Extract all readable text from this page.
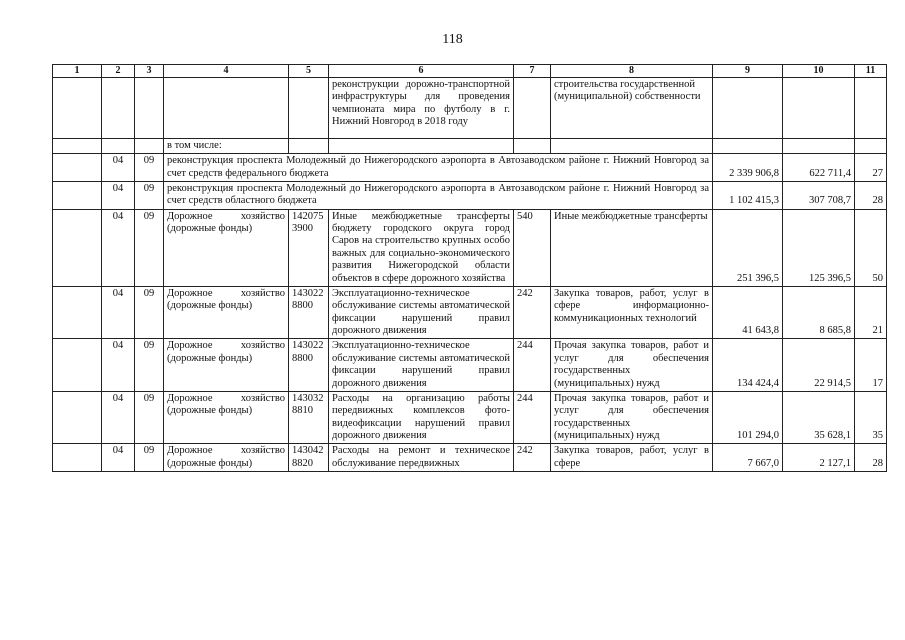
118
1	2	3	4	5	6	7	8	9	10	11
					реконструкции дорожно-транспортной инфраструктуры для проведения чемпионата мира по футболу в г. Нижний Новгород в 2018 году		строительства государственной (муниципальной) собственности			
			в том числе:							
	04	09	реконструкция проспекта Молодежный до Нижегородского аэропорта в Автозаводском районе г. Нижний Новгород за счет средств федерального бюджета					2 339 906,8	622 711,4	27
	04	09	реконструкция проспекта Молодежный до Нижегородского аэропорта в Автозаводском районе г. Нижний Новгород за счет средств областного бюджета					1 102 415,3	307 708,7	28
	04	09	Дорожное хозяйство (дорожные фонды)	142075 3900	Иные межбюджетные трансферты бюджету городского округа город Саров на строительство крупных особо важных для социально-экономического развития Нижегородской области объектов в сфере дорожного хозяйства	540	Иные межбюджетные трансферты	251 396,5	125 396,5	50
	04	09	Дорожное хозяйство (дорожные фонды)	143022 8800	Эксплуатационно-техническое обслуживание системы автоматической фиксации нарушений правил дорожного движения	242	Закупка товаров, работ, услуг в сфере информационно-коммуникационных технологий	41 643,8	8 685,8	21
	04	09	Дорожное хозяйство (дорожные фонды)	143022 8800	Эксплуатационно-техническое обслуживание системы автоматической фиксации нарушений правил дорожного движения	244	Прочая закупка товаров, работ и услуг для обеспечения государственных (муниципальных) нужд	134 424,4	22 914,5	17
	04	09	Дорожное хозяйство (дорожные фонды)	143032 8810	Расходы на организацию работы передвижных комплексов фото-видеофиксации нарушений правил дорожного движения	244	Прочая закупка товаров, работ и услуг для обеспечения государственных (муниципальных) нужд	101 294,0	35 628,1	35
	04	09	Дорожное хозяйство (дорожные фонды)	143042 8820	Расходы на ремонт и техническое обслуживание передвижных	242	Закупка товаров, работ, услуг в сфере	7 667,0	2 127,1	28
